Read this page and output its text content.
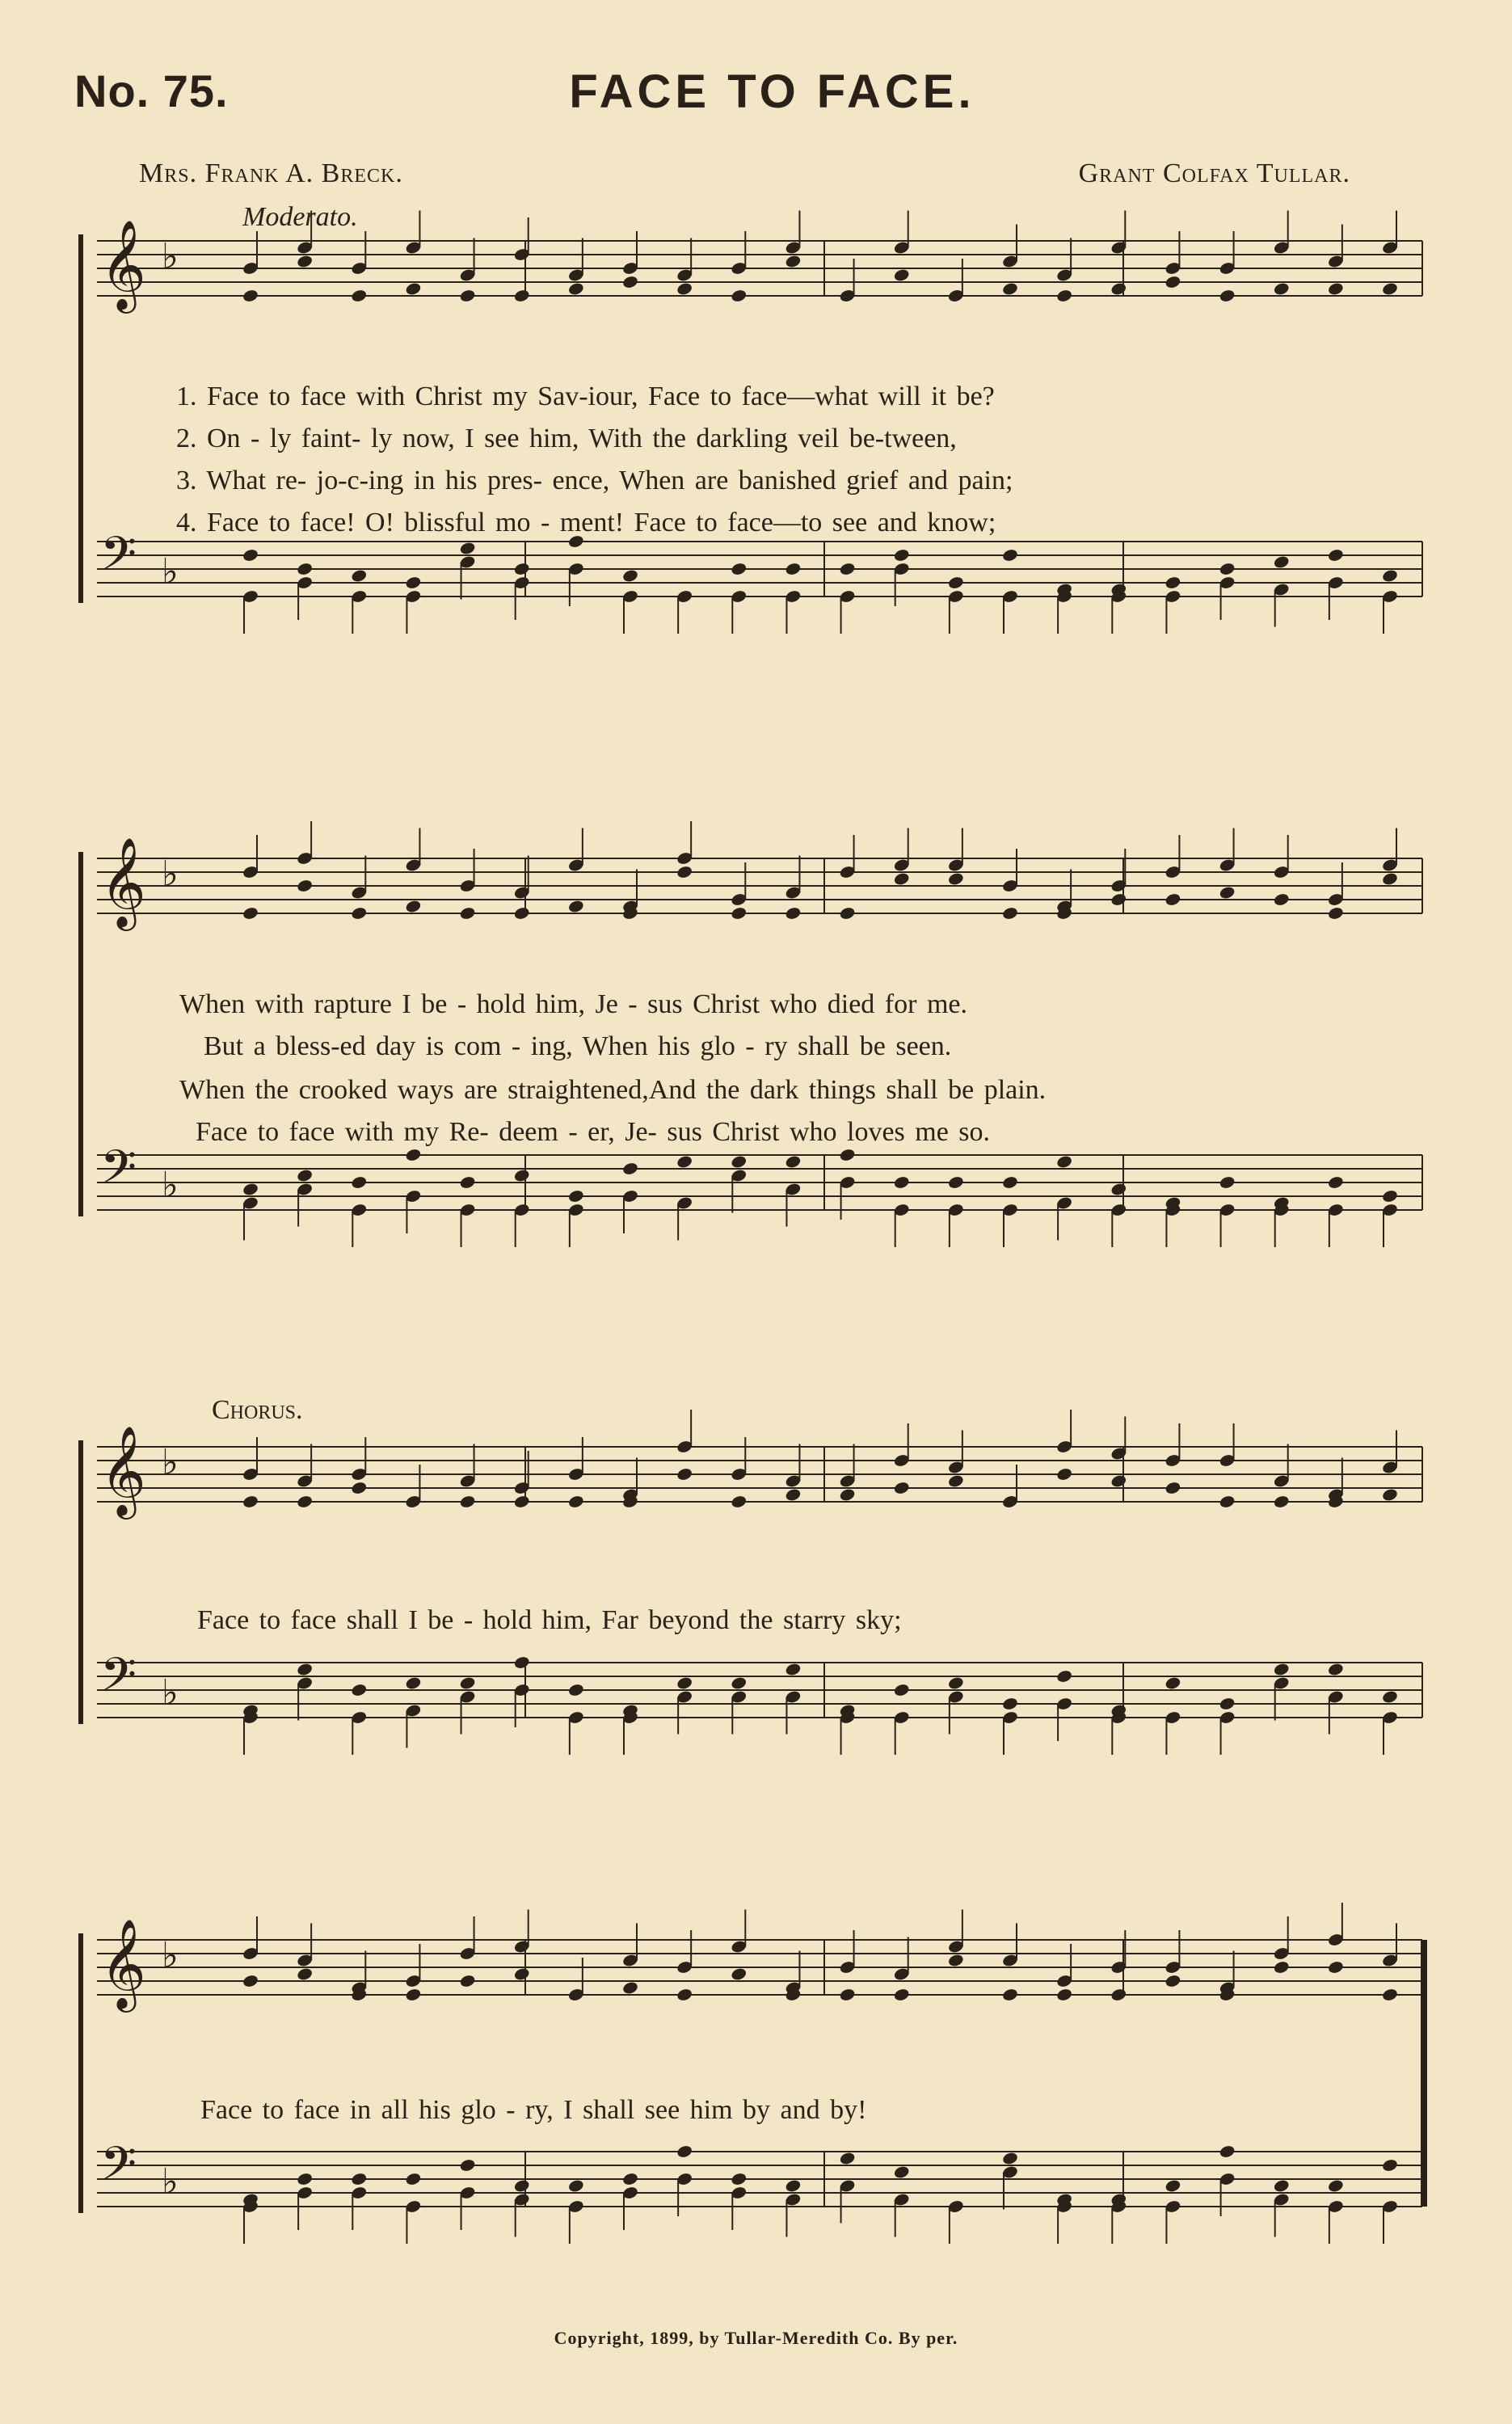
No. 75.	FACE TO FACE.
Mrs. Frank A. Breck.	Grant Colfax Tullar.
Moderato.
Chorus.
𝄞 ♭
𝄢 ♭
1. Face to face with Christ my Sav-iour, Face to face—what will it be?
2. On - ly faint- ly now, I see him, With the darkling veil be-tween,
3. What re- jo-c-ing in his pres- ence, When are banished grief and pain;
4. Face to face! O! blissful mo - ment! Face to face—to see and know;
𝄞 ♭
𝄢 ♭
When with rapture I be - hold him, Je - sus Christ who died for me.
But a bless-ed day is com - ing, When his glo - ry shall be seen.
When the crooked ways are straightened,And the dark things shall be plain.
Face to face with my Re- deem - er, Je- sus Christ who loves me so.
𝄞 ♭
𝄢 ♭
Face to face shall I be - hold him, Far beyond the starry sky;
𝄞 ♭
𝄢 ♭
Face to face in all his glo - ry, I shall see him by and by!
Copyright, 1899, by Tullar-Meredith Co. By per.
